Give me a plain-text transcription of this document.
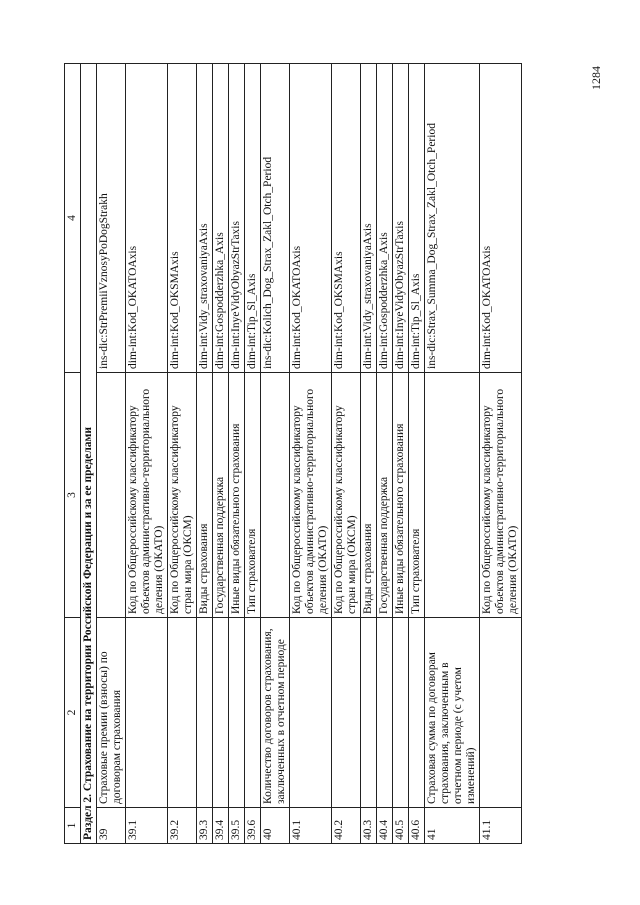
1	2	3	4
Раздел 2. Страхование на территории Российской Федерации и за ее пределами			
39	Страховые премии (взносы) по договорам страхования		ins-dic:StrPremiiVznosyPoDogStrakh
39.1		Код по Общероссийскому классификатору объектов административно-территориального деления (ОКАТО)	dim-int:Kod_OKATOAxis
39.2		Код по Общероссийскому классификатору стран мира (ОКСМ)	dim-int:Kod_OKSMAxis
39.3		Виды страхования	dim-int:Vidy_straxovaniyaAxis
39.4		Государственная поддержка	dim-int:Gospodderzhka_Axis
39.5		Иные виды обязательного страхования	dim-int:InyeVidyObyazStrTaxis
39.6		Тип страхователя	dim-int:Tip_Sl_Axis
40	Количество договоров страхования, заключенных в отчетном периоде		ins-dic:Kolich_Dog_Strax_Zakl_Otch_Period
40.1		Код по Общероссийскому классификатору объектов административно-территориального деления (ОКАТО)	dim-int:Kod_OKATOAxis
40.2		Код по Общероссийскому классификатору стран мира (ОКСМ)	dim-int:Kod_OKSMAxis
40.3		Виды страхования	dim-int:Vidy_straxovaniyaAxis
40.4		Государственная поддержка	dim-int:Gospodderzhka_Axis
40.5		Иные виды обязательного страхования	dim-int:InyeVidyObyazStrTaxis
40.6		Тип страхователя	dim-int:Tip_Sl_Axis
41	Страховая сумма по договорам страхования, заключенным в отчетном периоде (с учетом изменений)		ins-dic:Strax_Summa_Dog_Strax_Zakl_Otch_Period
41.1		Код по Общероссийскому классификатору объектов административно-территориального деления (ОКАТО)	dim-int:Kod_OKATOAxis
1284
